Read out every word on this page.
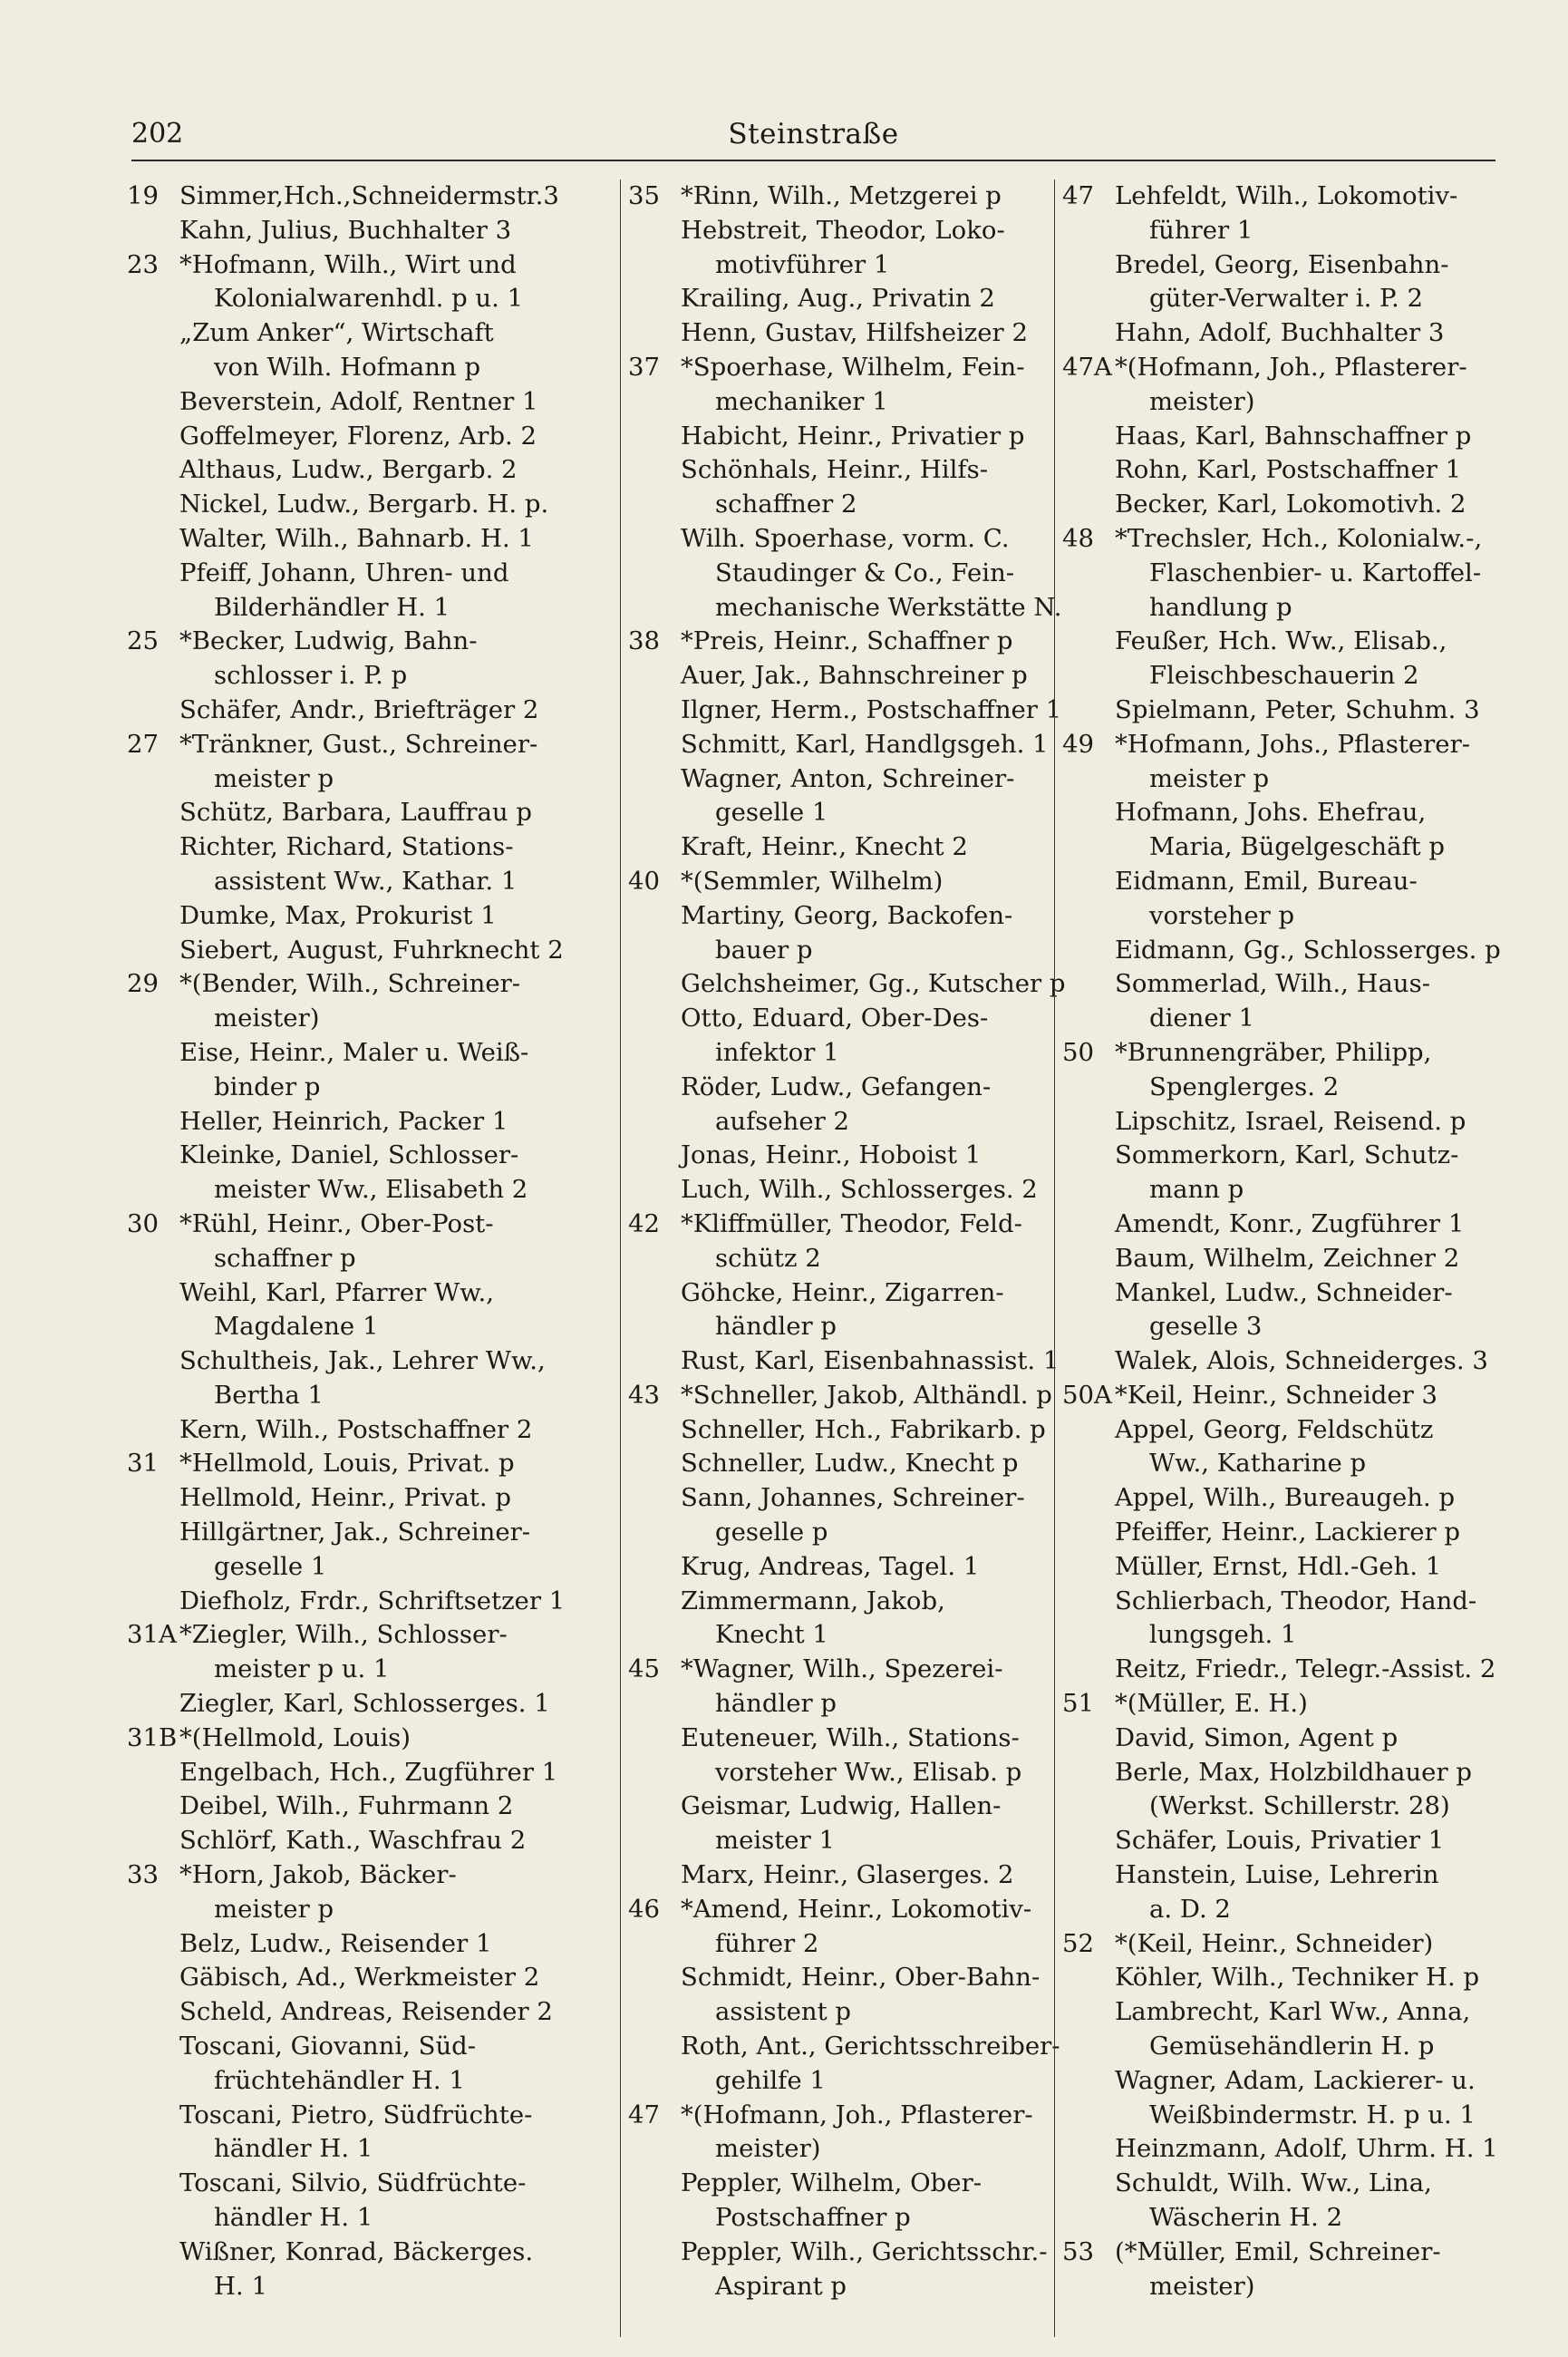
202	Steinstraße
19 Simmer,Hch.,Schneidermstr.3
Kahn, Julius, Buchhalter 3
23 *Hofmann, Wilh., Wirt und
Kolonialwarenhdl. p u. 1
„Zum Anker“, Wirtschaft
von Wilh. Hofmann p
Beverstein, Adolf, Rentner 1
Goffelmeyer, Florenz, Arb. 2
Althaus, Ludw., Bergarb. 2
Nickel, Ludw., Bergarb. H. p.
Walter, Wilh., Bahnarb. H. 1
Pfeiff, Johann, Uhren- und
Bilderhändler H. 1
25 *Becker, Ludwig, Bahn-
schlosser i. P. p
Schäfer, Andr., Briefträger 2
27 *Tränkner, Gust., Schreiner-
meister p
Schütz, Barbara, Lauffrau p
Richter, Richard, Stations-
assistent Ww., Kathar. 1
Dumke, Max, Prokurist 1
Siebert, August, Fuhrknecht 2
29 *(Bender, Wilh., Schreiner-
meister)
Eise, Heinr., Maler u. Weiß-
binder p
Heller, Heinrich, Packer 1
Kleinke, Daniel, Schlosser-
meister Ww., Elisabeth 2
30 *Rühl, Heinr., Ober-Post-
schaffner p
Weihl, Karl, Pfarrer Ww.,
Magdalene 1
Schultheis, Jak., Lehrer Ww.,
Bertha 1
Kern, Wilh., Postschaffner 2
31 *Hellmold, Louis, Privat. p
Hellmold, Heinr., Privat. p
Hillgärtner, Jak., Schreiner-
geselle 1
Diefholz, Frdr., Schriftsetzer 1
31A *Ziegler, Wilh., Schlosser-
meister p u. 1
Ziegler, Karl, Schlosserges. 1
31B *(Hellmold, Louis)
Engelbach, Hch., Zugführer 1
Deibel, Wilh., Fuhrmann 2
Schlörf, Kath., Waschfrau 2
33 *Horn, Jakob, Bäcker-
meister p
Belz, Ludw., Reisender 1
Gäbisch, Ad., Werkmeister 2
Scheld, Andreas, Reisender 2
Toscani, Giovanni, Süd-
früchtehändler H. 1
Toscani, Pietro, Südfrüchte-
händler H. 1
Toscani, Silvio, Südfrüchte-
händler H. 1
Wißner, Konrad, Bäckerges.
H. 1
35 *Rinn, Wilh., Metzgerei p
Hebstreit, Theodor, Loko-
motivführer 1
Krailing, Aug., Privatin 2
Henn, Gustav, Hilfsheizer 2
37 *Spoerhase, Wilhelm, Fein-
mechaniker 1
Habicht, Heinr., Privatier p
Schönhals, Heinr., Hilfs-
schaffner 2
Wilh. Spoerhase, vorm. C.
Staudinger & Co., Fein-
mechanische Werkstätte N.
38 *Preis, Heinr., Schaffner p
Auer, Jak., Bahnschreiner p
Ilgner, Herm., Postschaffner 1
Schmitt, Karl, Handlgsgeh. 1
Wagner, Anton, Schreiner-
geselle 1
Kraft, Heinr., Knecht 2
40 *(Semmler, Wilhelm)
Martiny, Georg, Backofen-
bauer p
Gelchsheimer, Gg., Kutscher p
Otto, Eduard, Ober-Des-
infektor 1
Röder, Ludw., Gefangen-
aufseher 2
Jonas, Heinr., Hoboist 1
Luch, Wilh., Schlosserges. 2
42 *Kliffmüller, Theodor, Feld-
schütz 2
Göhcke, Heinr., Zigarren-
händler p
Rust, Karl, Eisenbahnassist. 1
43 *Schneller, Jakob, Althändl. p
Schneller, Hch., Fabrikarb. p
Schneller, Ludw., Knecht p
Sann, Johannes, Schreiner-
geselle p
Krug, Andreas, Tagel. 1
Zimmermann, Jakob,
Knecht 1
45 *Wagner, Wilh., Spezerei-
händler p
Euteneuer, Wilh., Stations-
vorsteher Ww., Elisab. p
Geismar, Ludwig, Hallen-
meister 1
Marx, Heinr., Glaserges. 2
46 *Amend, Heinr., Lokomotiv-
führer 2
Schmidt, Heinr., Ober-Bahn-
assistent p
Roth, Ant., Gerichtsschreiber-
gehilfe 1
47 *(Hofmann, Joh., Pflasterer-
meister)
Peppler, Wilhelm, Ober-
Postschaffner p
Peppler, Wilh., Gerichtsschr.-
Aspirant p
47 Lehfeldt, Wilh., Lokomotiv-
führer 1
Bredel, Georg, Eisenbahn-
güter-Verwalter i. P. 2
Hahn, Adolf, Buchhalter 3
47A *(Hofmann, Joh., Pflasterer-
meister)
Haas, Karl, Bahnschaffner p
Rohn, Karl, Postschaffner 1
Becker, Karl, Lokomotivh. 2
48 *Trechsler, Hch., Kolonialw.-,
Flaschenbier- u. Kartoffel-
handlung p
Feußer, Hch. Ww., Elisab.,
Fleischbeschauerin 2
Spielmann, Peter, Schuhm. 3
49 *Hofmann, Johs., Pflasterer-
meister p
Hofmann, Johs. Ehefrau,
Maria, Bügelgeschäft p
Eidmann, Emil, Bureau-
vorsteher p
Eidmann, Gg., Schlosserges. p
Sommerlad, Wilh., Haus-
diener 1
50 *Brunnengräber, Philipp,
Spenglerges. 2
Lipschitz, Israel, Reisend. p
Sommerkorn, Karl, Schutz-
mann p
Amendt, Konr., Zugführer 1
Baum, Wilhelm, Zeichner 2
Mankel, Ludw., Schneider-
geselle 3
Walek, Alois, Schneiderges. 3
50A *Keil, Heinr., Schneider 3
Appel, Georg, Feldschütz
Ww., Katharine p
Appel, Wilh., Bureaugeh. p
Pfeiffer, Heinr., Lackierer p
Müller, Ernst, Hdl.-Geh. 1
Schlierbach, Theodor, Hand-
lungsgeh. 1
Reitz, Friedr., Telegr.-Assist. 2
51 *(Müller, E. H.)
David, Simon, Agent p
Berle, Max, Holzbildhauer p
(Werkst. Schillerstr. 28)
Schäfer, Louis, Privatier 1
Hanstein, Luise, Lehrerin
a. D. 2
52 *(Keil, Heinr., Schneider)
Köhler, Wilh., Techniker H. p
Lambrecht, Karl Ww., Anna,
Gemüsehändlerin H. p
Wagner, Adam, Lackierer- u.
Weißbindermstr. H. p u. 1
Heinzmann, Adolf, Uhrm. H. 1
Schuldt, Wilh. Ww., Lina,
Wäscherin H. 2
53 (*Müller, Emil, Schreiner-
meister)
